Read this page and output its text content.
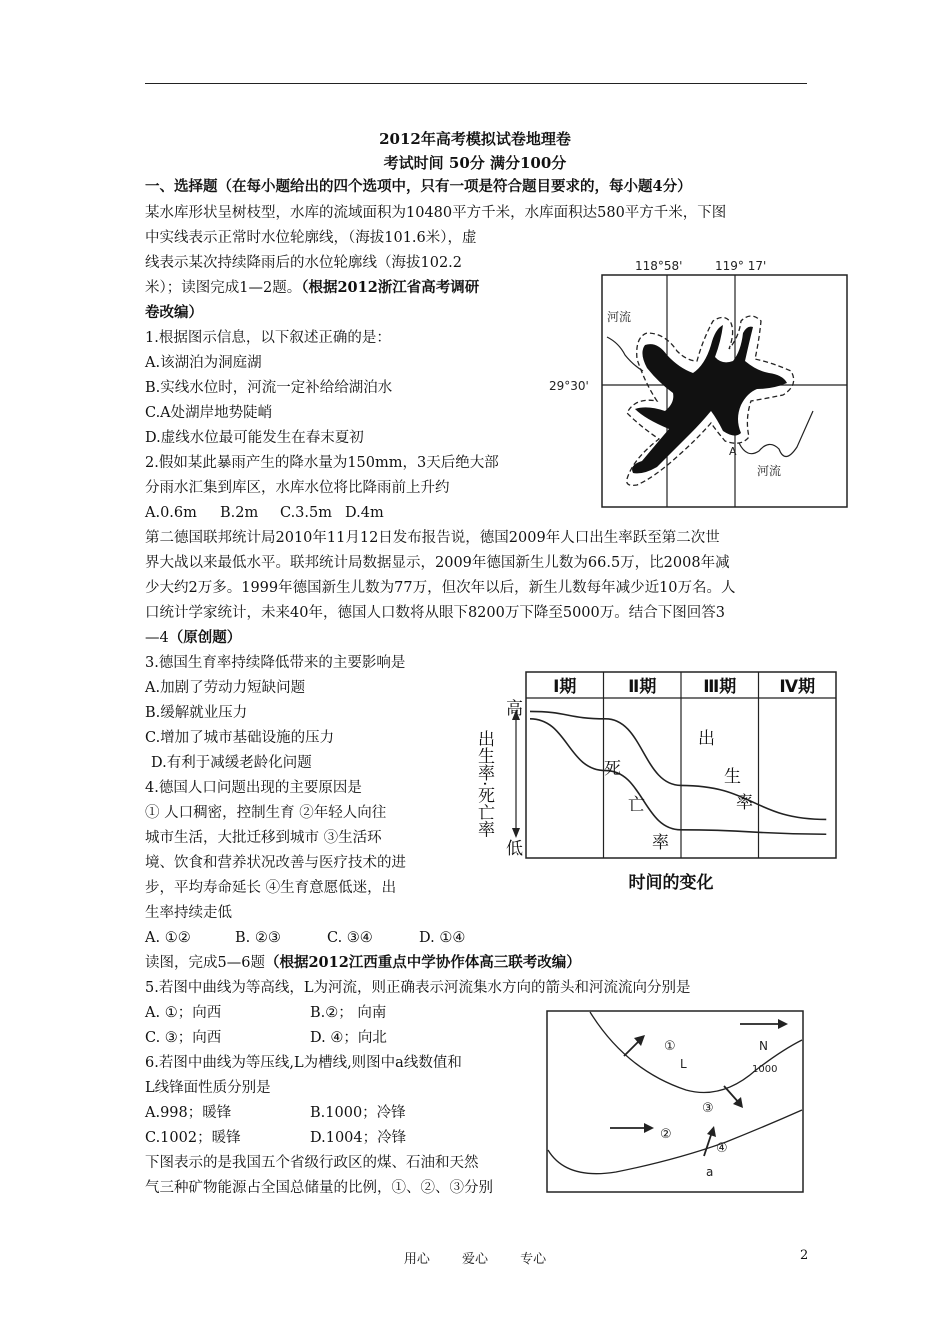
2012年高考模拟试卷地理卷
考试时间 50分 满分100分
一、选择题（在每小题给出的四个选项中，只有一项是符合题目要求的，每小题4分）
某水库形状呈树枝型，水库的流域面积为10480平方千米，水库面积达580平方千米，下图
中实线表示正常时水位轮廓线，（海拔101.6米），虚
线表示某次持续降雨后的水位轮廓线（海拔102.2
米）；读图完成1—2题。（根据2012浙江省高考调研
卷改编）
1.根据图示信息，以下叙述正确的是：
A.该湖泊为洞庭湖
B.实线水位时，河流一定补给给湖泊水
C.A处湖岸地势陡峭
D.虚线水位最可能发生在春末夏初
2.假如某此暴雨产生的降水量为150mm，3天后绝大部
分雨水汇集到库区，水库水位将比降雨前上升约
A.0.6m B.2m C.3.5m D.4m
118°58'	119° 17'
29°30'
河流
河流
A
第二德国联邦统计局2010年11月12日发布报告说，德国2009年人口出生率跃至第二次世
界大战以来最低水平。联邦统计局数据显示，2009年德国新生儿数为66.5万，比2008年减
少大约2万多。1999年德国新生儿数为77万，但次年以后，新生儿数每年减少近10万名。人
口统计学家统计，未来40年，德国人口数将从眼下8200万下降至5000万。结合下图回答3
—4（原创题）
3.德国生育率持续降低带来的主要影响是
A.加剧了劳动力短缺问题
B.缓解就业压力
C.增加了城市基础设施的压力
D.有利于减缓老龄化问题
4.德国人口问题出现的主要原因是
① 人口稠密，控制生育 ②年轻人向往
城市生活，大批迁移到城市 ③生活环
境、饮食和营养状况改善与医疗技术的进
步，平均寿命延长 ④生育意愿低迷，出
生率持续走低
A. ①②	B. ②③	C. ③④	D. ①④
Ⅰ期	Ⅱ期	Ⅲ期	Ⅳ期
高
低
出生率·死亡率
时间的变化
出
生
率
死
亡
率
读图，完成5—6题（根据2012江西重点中学协作体高三联考改编）
5.若图中曲线为等高线，L为河流，则正确表示河流集水方向的箭头和河流流向分别是
A. ①；向西	B.②； 向南
C. ③；向西	D. ④；向北
6.若图中曲线为等压线,L为槽线,则图中a线数值和
L线锋面性质分别是
A.998；暖锋	B.1000；冷锋
C.1002；暖锋	D.1004；冷锋
下图表示的是我国五个省级行政区的煤、石油和天然
气三种矿物能源占全国总储量的比例，①、②、③分别
①
L
N
1000
③
②
④
a
用心 爱心 专心	2
